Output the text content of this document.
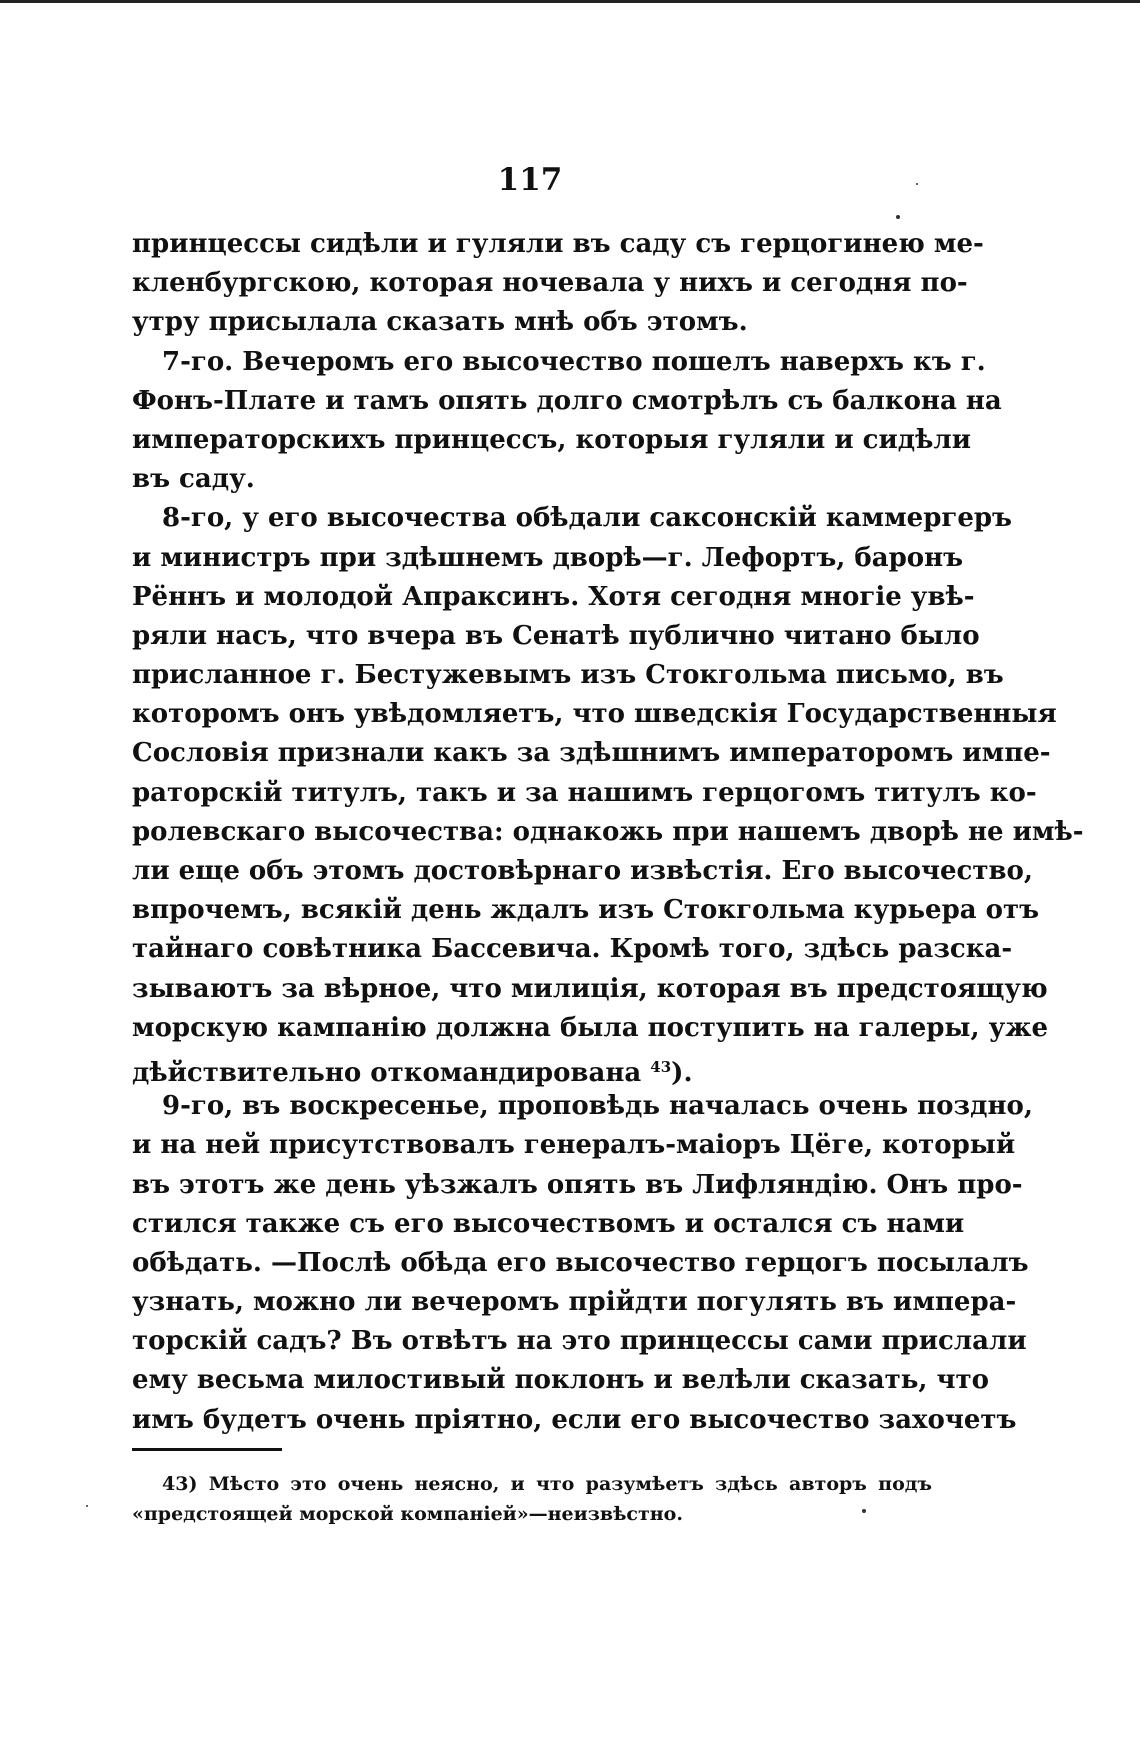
117
принцессы сидѣли и гуляли въ саду съ герцогинею ме-
кленбургскою, которая ночевала у нихъ и сегодня по-
утру присылала сказать мнѣ объ этомъ.
7-го. Вечеромъ его высочество пошелъ наверхъ къ г.
Фонъ-Плате и тамъ опять долго смотрѣлъ съ балкона на
императорскихъ принцессъ, которыя гуляли и сидѣли
въ саду.
8-го, у его высочества обѣдали саксонскій каммергеръ
и министръ при здѣшнемъ дворѣ—г. Лефортъ, баронъ
Рённъ и молодой Апраксинъ. Хотя сегодня многіе увѣ-
ряли насъ, что вчера въ Сенатѣ публично читано было
присланное г. Бестужевымъ изъ Стокгольма письмо, въ
которомъ онъ увѣдомляетъ, что шведскія Государственныя
Сословія признали какъ за здѣшнимъ императоромъ импе-
раторскій титулъ, такъ и за нашимъ герцогомъ титулъ ко-
ролевскаго высочества: однакожь при нашемъ дворѣ не имѣ-
ли еще объ этомъ достовѣрнаго извѣстія. Его высочество,
впрочемъ, всякій день ждалъ изъ Стокгольма курьера отъ
тайнаго совѣтника Бассевича. Кромѣ того, здѣсь разска-
зываютъ за вѣрное, что милиція, которая въ предстоящую
морскую кампанію должна была поступить на галеры, уже
дѣйствительно откомандирована $^{43}$).
9-го, въ воскресенье, проповѣдь началась очень поздно,
и на ней присутствовалъ генералъ-маіоръ Цёге, который
въ этотъ же день уѣзжалъ опять въ Лифляндію. Онъ про-
стился также съ его высочествомъ и остался съ нами
обѣдать. —Послѣ обѣда его высочество герцогъ посылалъ
узнать, можно ли вечеромъ прійдти погулять въ импера-
торскій садъ? Въ отвѣтъ на это принцессы сами прислали
ему весьма милостивый поклонъ и велѣли сказать, что
имъ будетъ очень пріятно, если его высочество захочетъ
43) Мѣсто это очень неясно, и что разумѣетъ здѣсь авторъ подъ
«предстоящей морской компаніей»—неизвѣстно.
